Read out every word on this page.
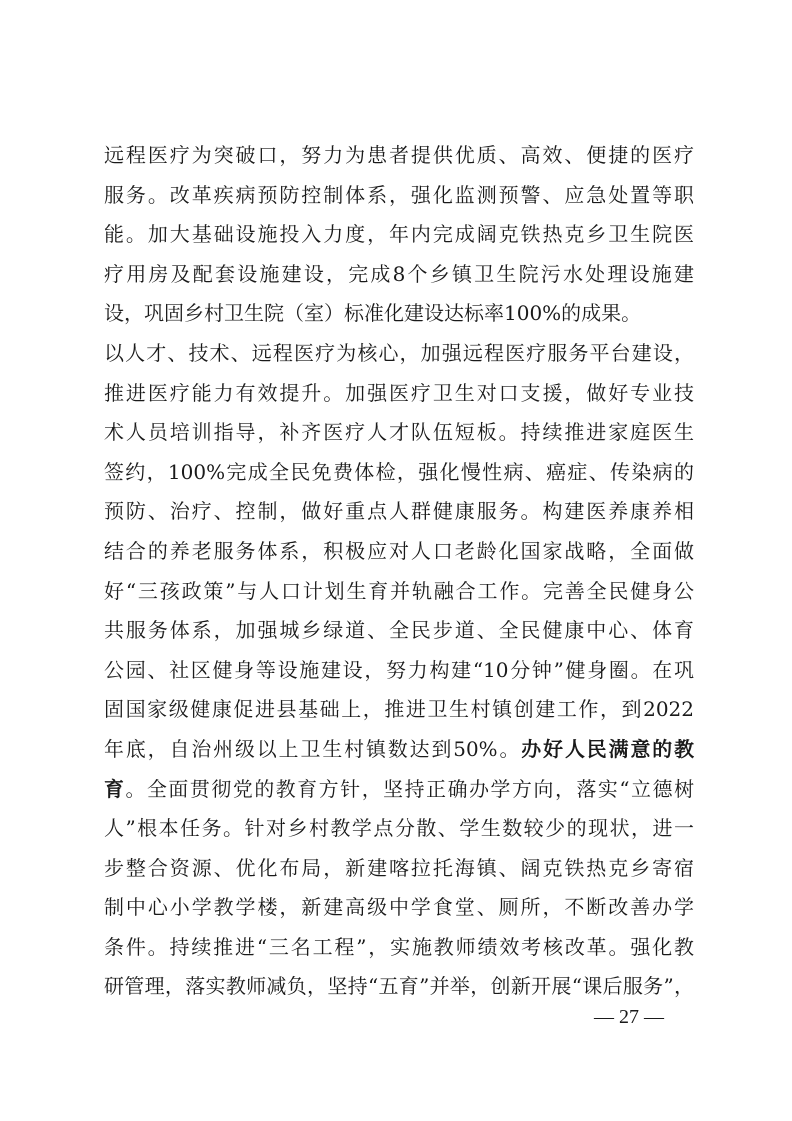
远程医疗为突破口，努力为患者提供优质、高效、便捷的医疗
服务。改革疾病预防控制体系，强化监测预警、应急处置等职
能。加大基础设施投入力度，年内完成阔克铁热克乡卫生院医
疗用房及配套设施建设，完成8个乡镇卫生院污水处理设施建
设，巩固乡村卫生院（室）标准化建设达标率100%的成果。
以人才、技术、远程医疗为核心，加强远程医疗服务平台建设，
推进医疗能力有效提升。加强医疗卫生对口支援，做好专业技
术人员培训指导，补齐医疗人才队伍短板。持续推进家庭医生
签约，100%完成全民免费体检，强化慢性病、癌症、传染病的
预防、治疗、控制，做好重点人群健康服务。构建医养康养相
结合的养老服务体系，积极应对人口老龄化国家战略，全面做
好“三孩政策”与人口计划生育并轨融合工作。完善全民健身公
共服务体系，加强城乡绿道、全民步道、全民健康中心、体育
公园、社区健身等设施建设，努力构建“10分钟”健身圈。在巩
固国家级健康促进县基础上，推进卫生村镇创建工作，到2022
年底，自治州级以上卫生村镇数达到50%。办好人民满意的教
育。全面贯彻党的教育方针，坚持正确办学方向，落实“立德树
人”根本任务。针对乡村教学点分散、学生数较少的现状，进一
步整合资源、优化布局，新建喀拉托海镇、阔克铁热克乡寄宿
制中心小学教学楼，新建高级中学食堂、厕所，不断改善办学
条件。持续推进“三名工程”，实施教师绩效考核改革。强化教
研管理，落实教师减负，坚持“五育”并举，创新开展“课后服务”，
— 27 —
